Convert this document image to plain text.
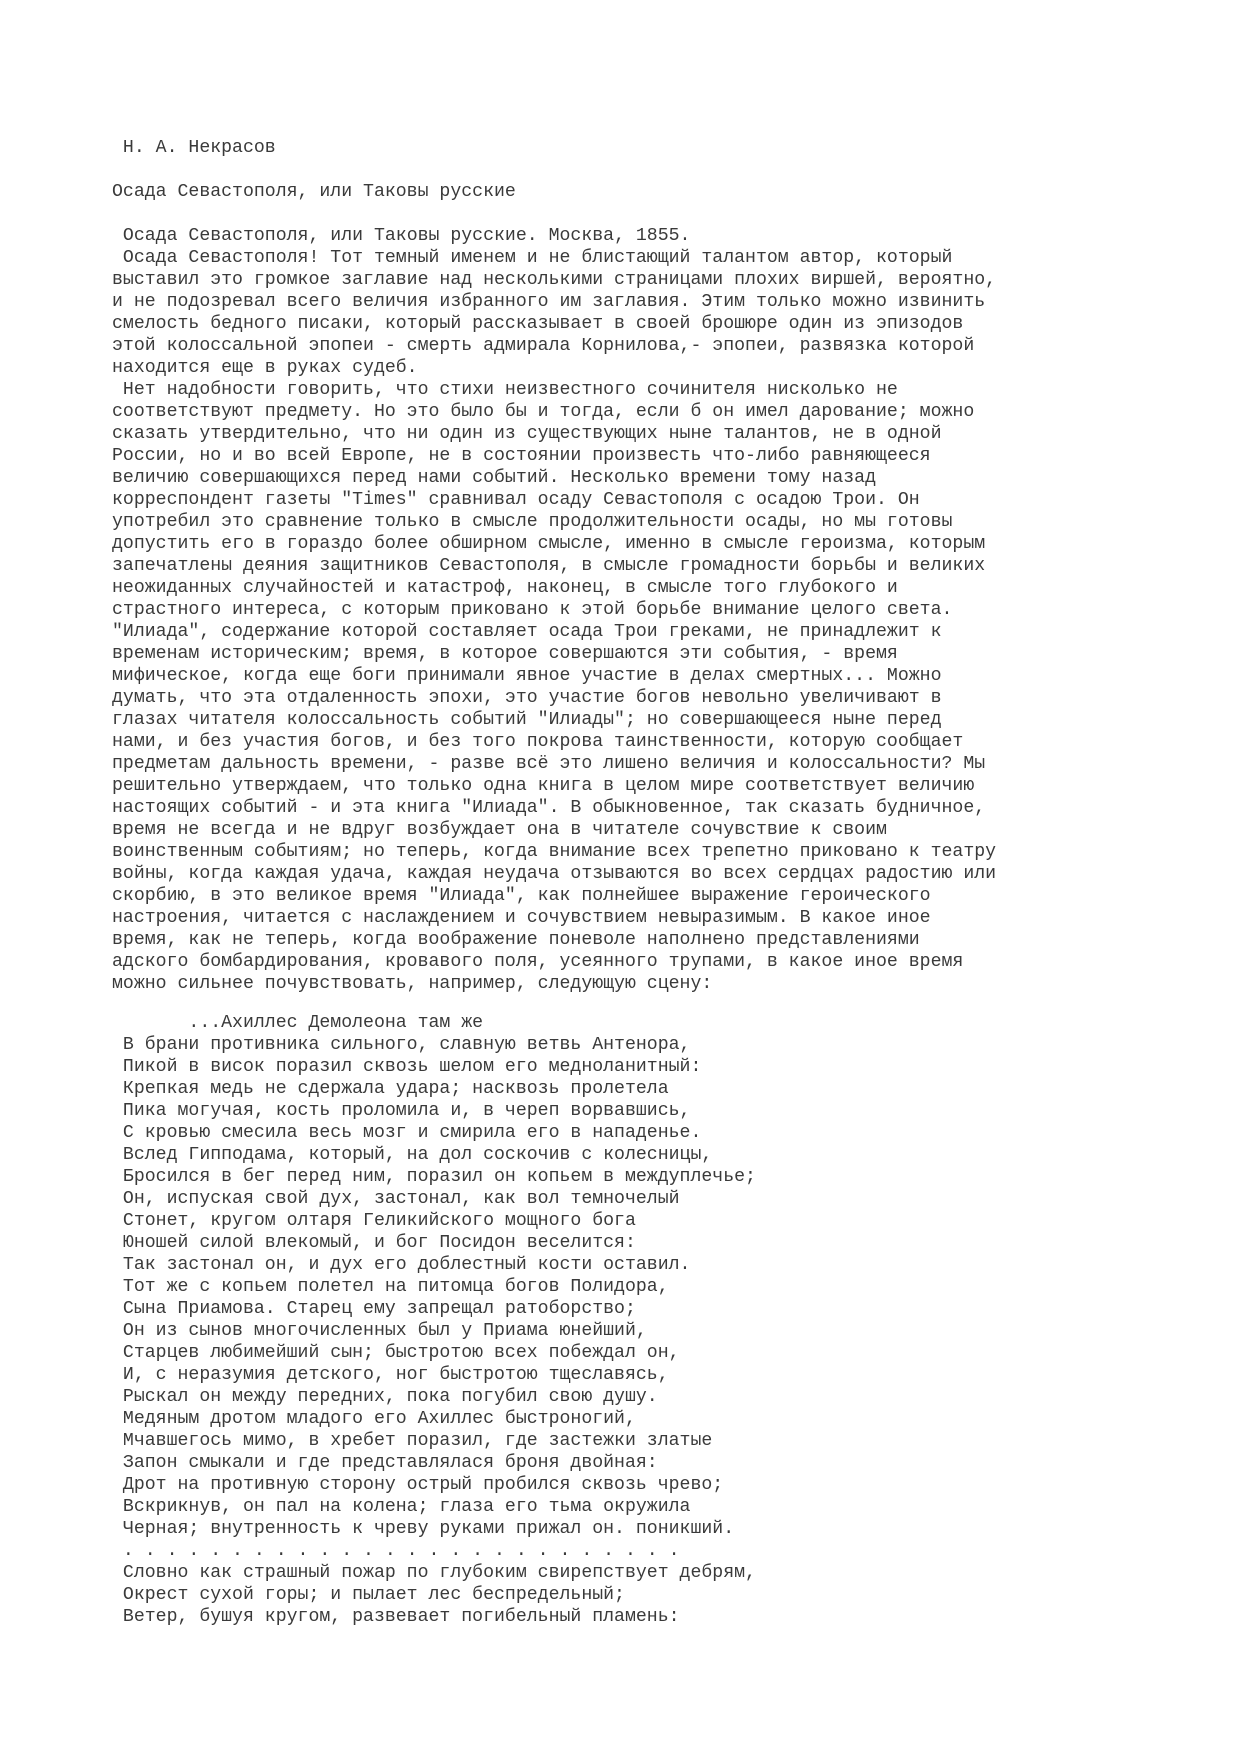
Н. А. Некрасов
Осада Севастополя, или Таковы русские

Осада Севастополя, или Таковы русские. Москва, 1855.

Осада Севастополя! Тот темный именем и не блистающий талантом автор, который
выставил это громкое заглавие над несколькими страницами плохих виршей, вероятно,
и не подозревал всего величия избранного им заглавия. Этим только можно извинить
смелость бедного писаки, который рассказывает в своей брошюре один из эпизодов
этой колоссальной эпопеи - смерть адмирала Корнилова,- эпопеи, развязка которой
находится еще в руках судеб.

Нет надобности говорить, что стихи неизвестного сочинителя нисколько не
соответствуют предмету. Но это было бы и тогда, если б он имел дарование; можно
сказать утвердительно, что ни один из существующих ныне талантов, не в одной
России, но и во всей Европе, не в состоянии произвесть что-либо равняющееся
величию совершающихся перед нами событий. Несколько времени тому назад
корреспондент газеты "Times" сравнивал осаду Севастополя с осадою Трои. Он
употребил это сравнение только в смысле продолжительности осады, но мы готовы
допустить его в гораздо более обширном смысле, именно в смысле героизма, которым
запечатлены деяния защитников Севастополя, в смысле громадности борьбы и великих
неожиданных случайностей и катастроф, наконец, в смысле того глубокого и
страстного интереса, с которым приковано к этой борьбе внимание целого света.
"Илиада", содержание которой составляет осада Трои греками, не принадлежит к
временам историческим; время, в которое совершаются эти события, - время
мифическое, когда еще боги принимали явное участие в делах смертных... Можно
думать, что эта отдаленность эпохи, это участие богов невольно увеличивают в
глазах читателя колоссальность событий "Илиады"; но совершающееся ныне перед
нами, и без участия богов, и без того покрова таинственности, которую сообщает
предметам дальность времени, - разве всё это лишено величия и колоссальности? Мы
решительно утверждаем, что только одна книга в целом мире соответствует величию
настоящих событий - и эта книга "Илиада". В обыкновенное, так сказать будничное,
время не всегда и не вдруг возбуждает она в читателе сочувствие к своим
воинственным событиям; но теперь, когда внимание всех трепетно приковано к театру
войны, когда каждая удача, каждая неудача отзываются во всех сердцах радостию или
скорбию, в это великое время "Илиада", как полнейшее выражение героического
настроения, читается с наслаждением и сочувствием невыразимым. В какое иное
время, как не теперь, когда воображение поневоле наполнено представлениями
адского бомбардирования, кровавого поля, усеянного трупами, в какое иное время
можно сильнее почувствовать, например, следующую сцену:

...Ахиллес Демолеона там же
В брани противника сильного, славную ветвь Антенора,
Пикой в висок поразил сквозь шелом его медноланитный:
Крепкая медь не сдержала удара; насквозь пролетела
Пика могучая, кость проломила и, в череп ворвавшись,
С кровью смесила весь мозг и смирила его в нападенье.
Вслед Гипподама, который, на дол соскочив с колесницы,
Бросился в бег перед ним, поразил он копьем в междуплечье;
Он, испуская свой дух, застонал, как вол темночелый
Стонет, кругом олтаря Геликийского мощного бога
Юношей силой влекомый, и бог Посидон веселится:
Так застонал он, и дух его доблестный кости оставил.
Тот же с копьем полетел на питомца богов Полидора,
Сына Приамова. Старец ему запрещал ратоборство;
Он из сынов многочисленных был у Приама юнейший,
Старцев любимейший сын; быстротою всех побеждал он,
И, с неразумия детского, ног быстротою тщеславясь,
Рыскал он между передних, пока погубил свою душу.
Медяным дротом младого его Ахиллес быстроногий,
Мчавшегось мимо, в хребет поразил, где застежки златые
Запон смыкали и где представлялася броня двойная:
Дрот на противную сторону острый пробился сквозь чрево;
Вскрикнув, он пал на колена; глаза его тьма окружила
Черная; внутренность к чреву руками прижал он. поникший.
. . . . . . . . . . . . . . . . . . . . . . . . . .
Словно как страшный пожар по глубоким свирепствует дебрям,
Окрест сухой горы; и пылает лес беспредельный;
Ветер, бушуя кругом, развевает погибельный пламень:
